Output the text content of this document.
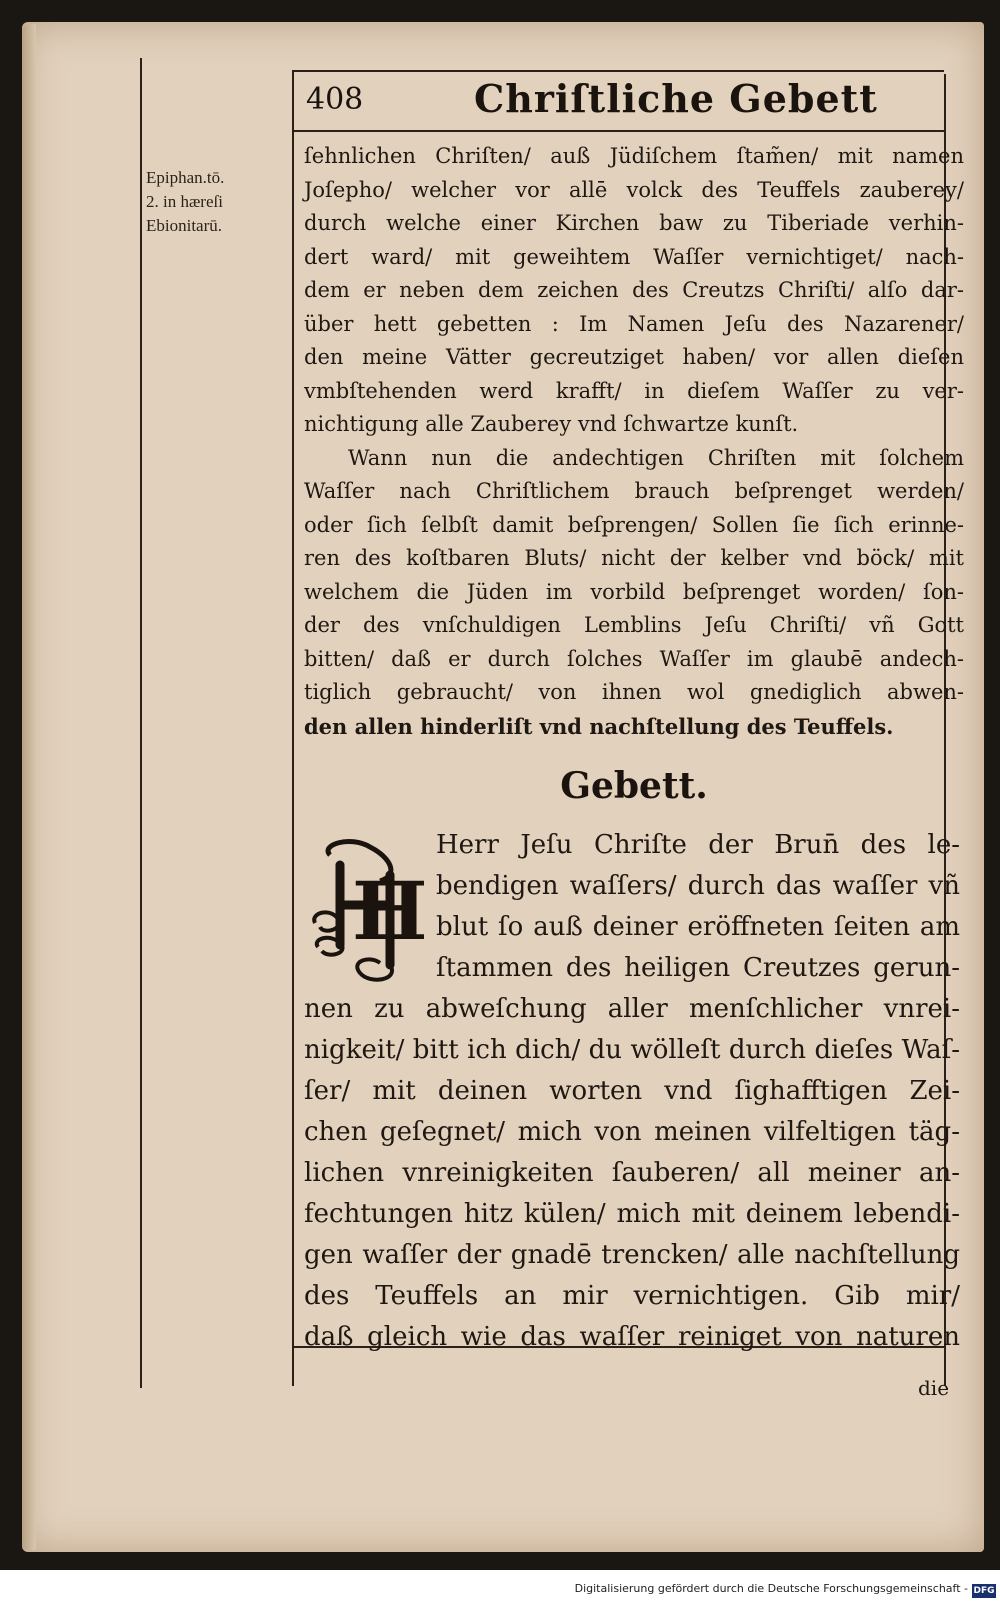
Epiphan.tō.
2. in hæreſi
Ebionitarū.
408	Chriſtliche Gebett
ſehnlichen Chriſten/ auß Jüdiſchem ſtam̃en/ mit namen
Joſepho/ welcher vor allē volck des Teuffels zauberey/
durch welche einer Kirchen baw zu Tiberiade verhin-
dert ward/ mit geweihtem Waſſer vernichtiget/ nach-
dem er neben dem zeichen des Creutzs Chriſti/ alſo dar-
über hett gebetten : Im Namen Jeſu des Nazarener/
den meine Vätter gecreutziget haben/ vor allen dieſen
vmbſtehenden werd krafft/ in dieſem Waſſer zu ver-
nichtigung alle Zauberey vnd ſchwartze kunſt.
Wann nun die andechtigen Chriſten mit ſolchem
Waſſer nach Chriſtlichem brauch beſprenget werden/
oder ſich ſelbſt damit beſprengen/ Sollen ſie ſich erinne-
ren des koſtbaren Bluts/ nicht der kelber vnd böck/ mit
welchem die Jüden im vorbild beſprenget worden/ ſon-
der des vnſchuldigen Lemblins Jeſu Chriſti/ vñ Gott
bitten/ daß er durch ſolches Waſſer im glaubē andech-
tiglich gebraucht/ von ihnen wol gnediglich abwen-
den allen hinderliſt vnd nachſtellung des Teuffels.
Gebett.
H
Herr Jeſu Chriſte der Brun̄ des le-
bendigen waſſers/ durch das waſſer vñ
blut ſo auß deiner eröffneten ſeiten am
ſtammen des heiligen Creutzes gerun-
nen zu abweſchung aller menſchlicher vnrei-
nigkeit/ bitt ich dich/ du wölleſt durch dieſes Waſ-
ſer/ mit deinen worten vnd ſighafftigen Zei-
chen geſegnet/ mich von meinen vilfeltigen täg-
lichen vnreinigkeiten ſauberen/ all meiner an-
fechtungen hitz külen/ mich mit deinem lebendi-
gen waſſer der gnadē trencken/ alle nachſtellung
des Teuffels an mir vernichtigen. Gib mir/
daß gleich wie das waſſer reiniget von naturen
die
Digitalisierung gefördert durch die Deutsche Forschungsgemeinschaft - DFG
